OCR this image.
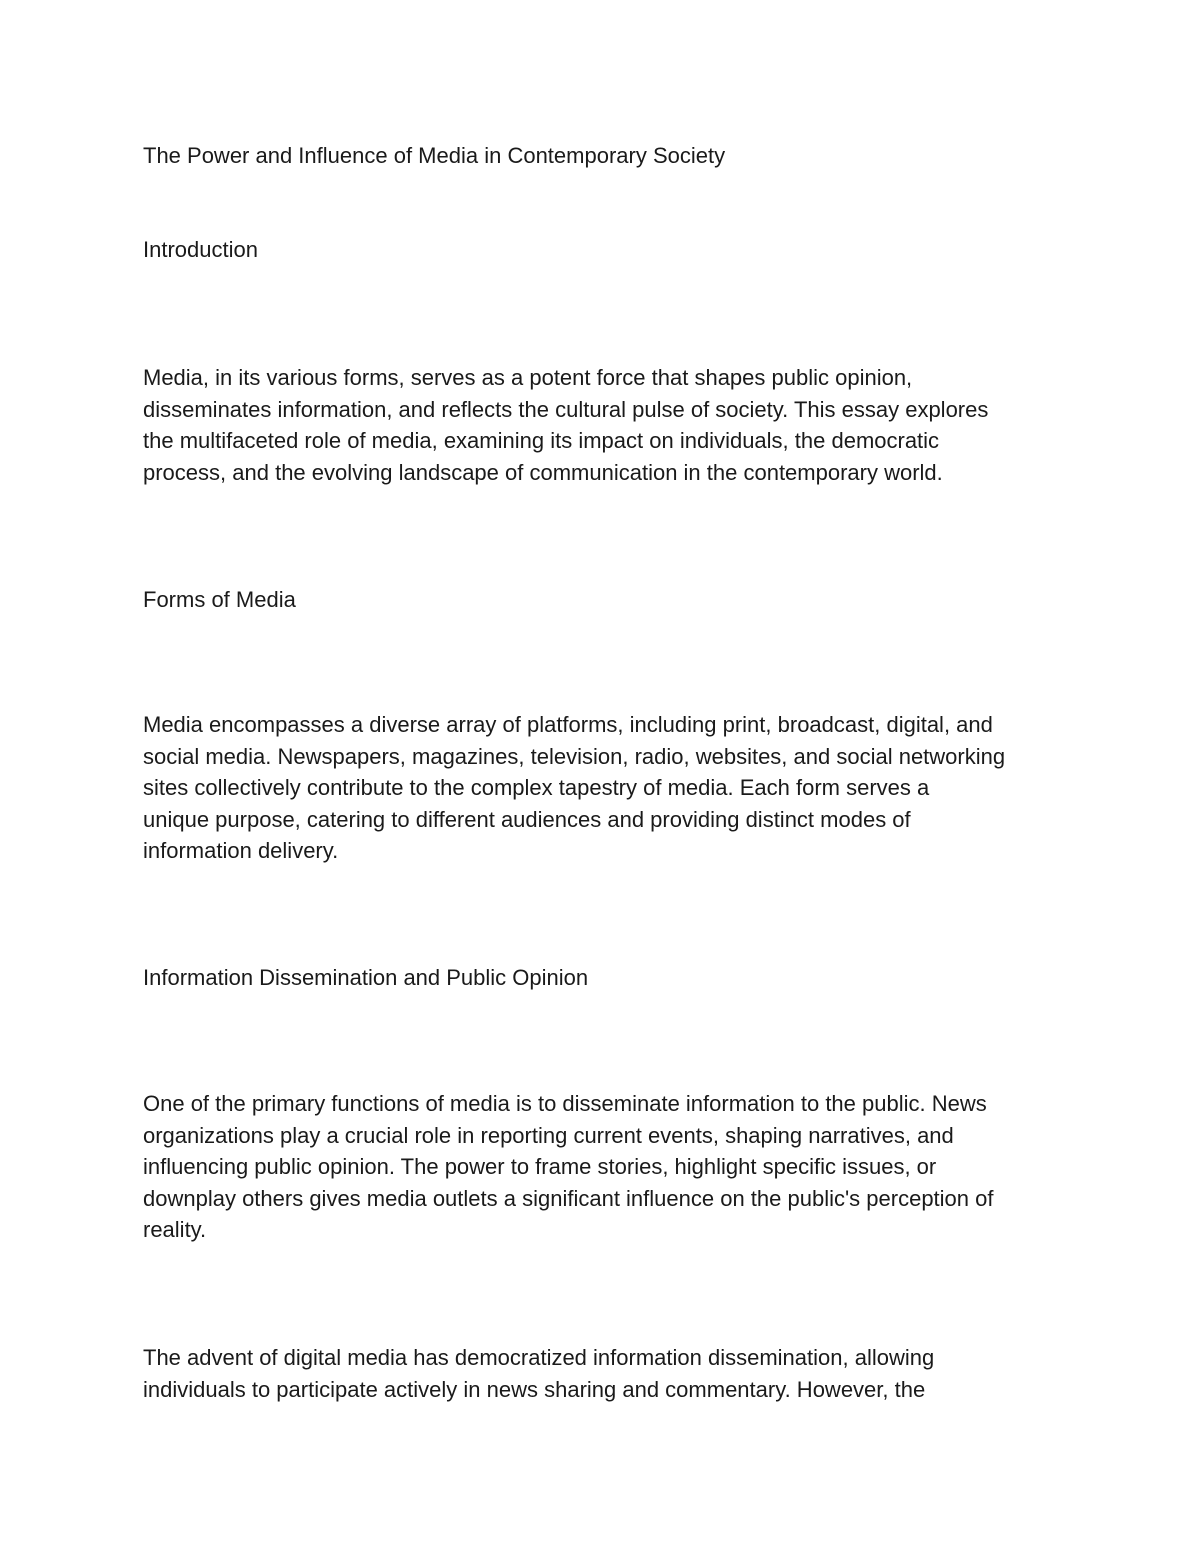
The Power and Influence of Media in Contemporary Society

Introduction

Media, in its various forms, serves as a potent force that shapes public opinion,
disseminates information, and reflects the cultural pulse of society. This essay explores
the multifaceted role of media, examining its impact on individuals, the democratic
process, and the evolving landscape of communication in the contemporary world.

Forms of Media

Media encompasses a diverse array of platforms, including print, broadcast, digital, and
social media. Newspapers, magazines, television, radio, websites, and social networking
sites collectively contribute to the complex tapestry of media. Each form serves a
unique purpose, catering to different audiences and providing distinct modes of
information delivery.

Information Dissemination and Public Opinion

One of the primary functions of media is to disseminate information to the public. News
organizations play a crucial role in reporting current events, shaping narratives, and
influencing public opinion. The power to frame stories, highlight specific issues, or
downplay others gives media outlets a significant influence on the public's perception of
reality.
The advent of digital media has democratized information dissemination, allowing
individuals to participate actively in news sharing and commentary. However, the
